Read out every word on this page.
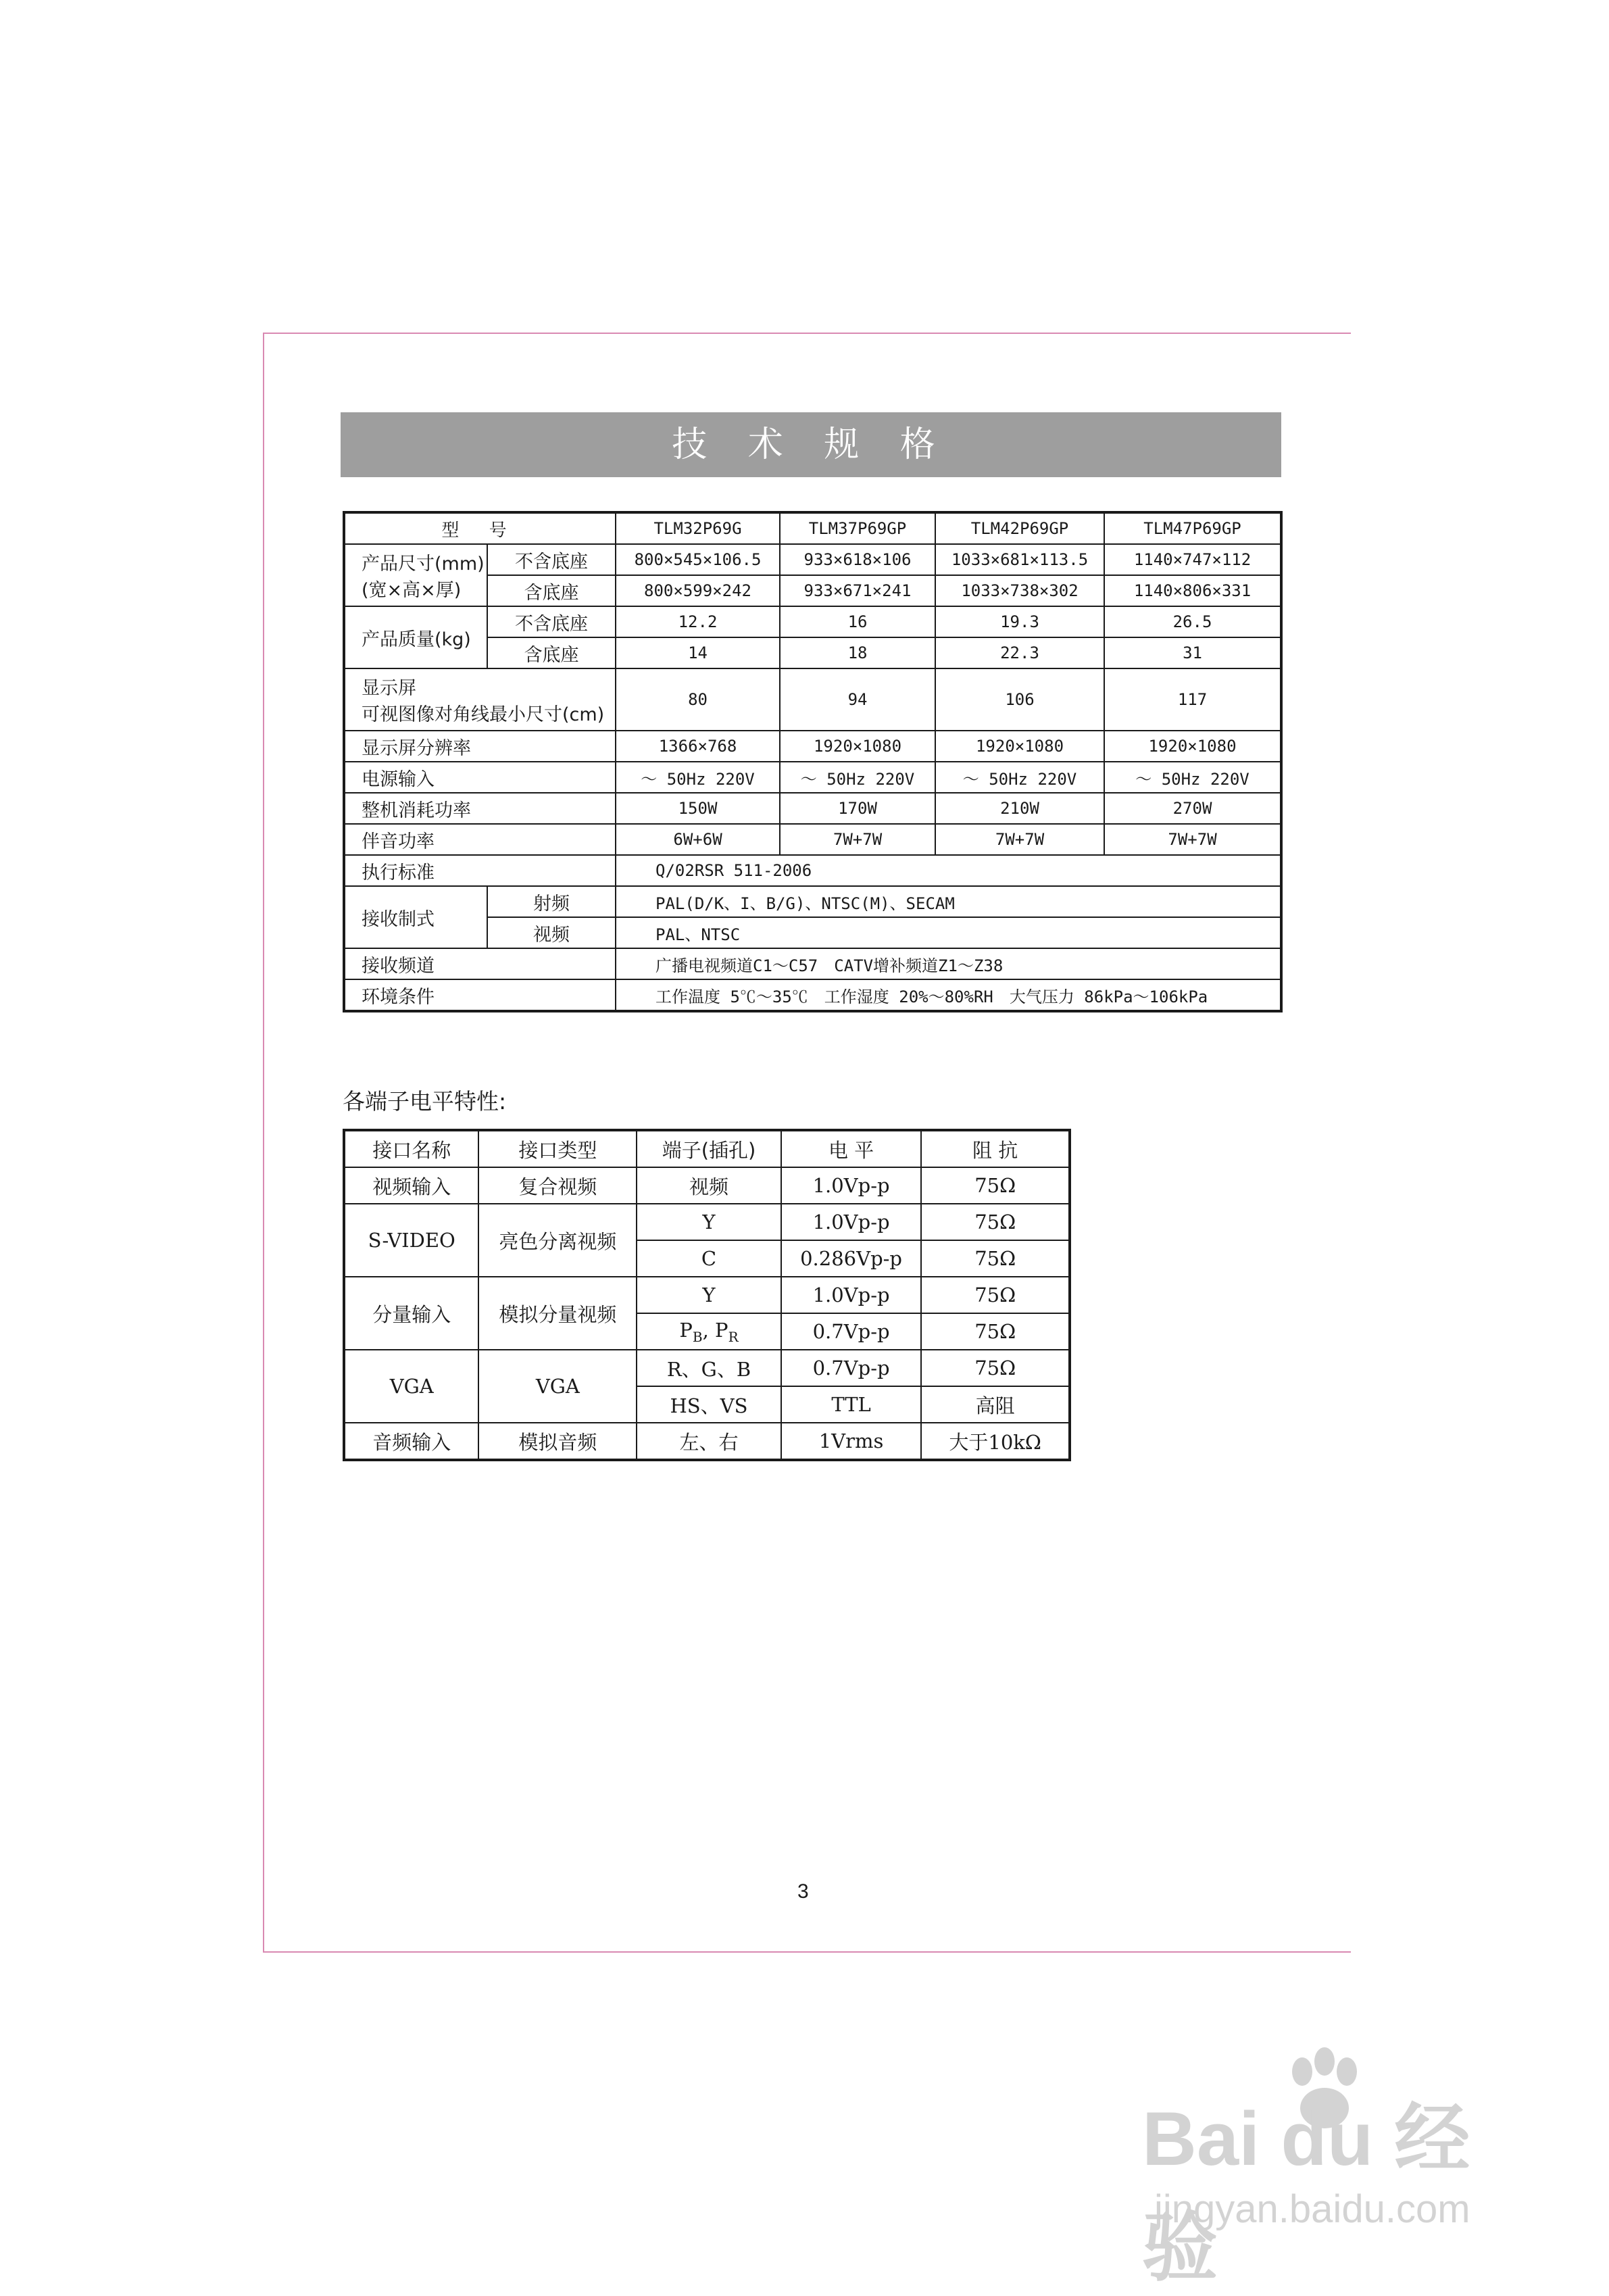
技 术 规 格
型 号		TLM32P69G	TLM37P69GP	TLM42P69GP	TLM47P69GP

产品尺寸(mm)
(宽×高×厚)	不含底座	800×545×106.5	933×618×106	1033×681×113.5	1140×747×112
	含底座	800×599×242	933×671×241	1033×738×302	1140×806×331
产品质量(kg)	不含底座	12.2	16	19.3	26.5
	含底座	14	18	22.3	31

显示屏
可视图像对角线最小尺寸(cm)		80	94	106	117
显示屏分辨率		1366×768	1920×1080	1920×1080	1920×1080
电源输入		～ 50Hz 220V	～ 50Hz 220V	～ 50Hz 220V	～ 50Hz 220V
整机消耗功率		150W	170W	210W	270W
伴音功率		6W+6W	7W+7W	7W+7W	7W+7W
执行标准		Q/02RSR 511-2006			
接收制式	射频	PAL(D/K、I、B/G)、NTSC(M)、SECAM			
	视频	PAL、NTSC			
接收频道		广播电视频道C1～C57　CATV增补频道Z1～Z38			
环境条件		工作温度 5℃～35℃　工作湿度 20%～80%RH　大气压力 86kPa～106kPa			
各端子电平特性:
接口名称	接口类型	端子(插孔)	电 平	阻 抗
视频输入	复合视频	视频	1.0Vp-p	75Ω
S-VIDEO	亮色分离视频	Y	1.0Vp-p	75Ω
		C	0.286Vp-p	75Ω
分量输入	模拟分量视频	Y	1.0Vp-p	75Ω
		$P_B$, $P_R$	0.7Vp-p	75Ω
VGA	VGA	R、G、B	0.7Vp-p	75Ω
		HS、VS	TTL	高阻
音频输入	模拟音频	左、右	1Vrms	大于10kΩ
3
Bai du 经验
jingyan.baidu.com
